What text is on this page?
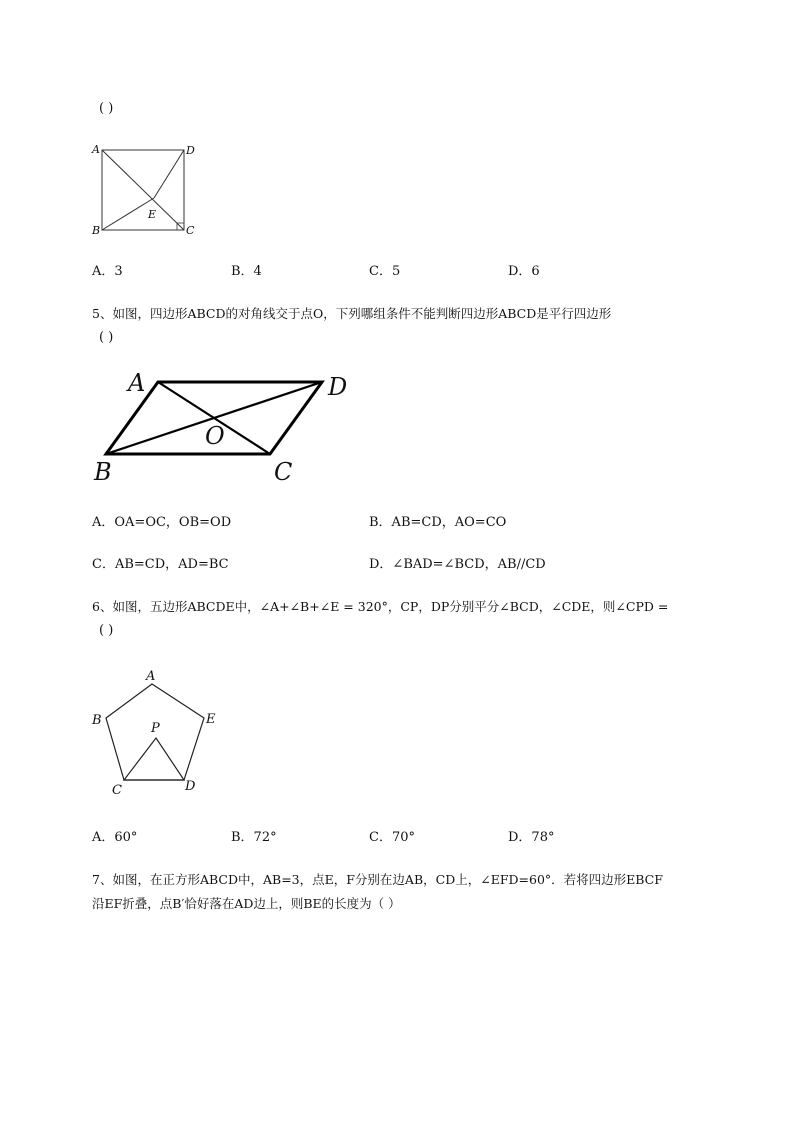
( )
A	D
B	C
E
A．3	B．4	C．5	D．6
5、如图，四边形ABCD的对角线交于点O，下列哪组条件不能判断四边形ABCD是平行四边形
( )
A	D
B	C
O
A．OA=OC，OB=OD	B．AB=CD，AO=CO
C．AB=CD，AD=BC	D．∠BAD=∠BCD，AB//CD
6、如图，五边形ABCDE中，∠A+∠B+∠E = 320°，CP，DP分别平分∠BCD，∠CDE，则∠CPD =
( )
A
B	E
P
C	D
A．60°	B．72°	C．70°	D．78°
7、如图，在正方形ABCD中，AB=3，点E，F分别在边AB，CD上，∠EFD=60°．若将四边形EBCF
沿EF折叠，点B′恰好落在AD边上，则BE的长度为（ ）
